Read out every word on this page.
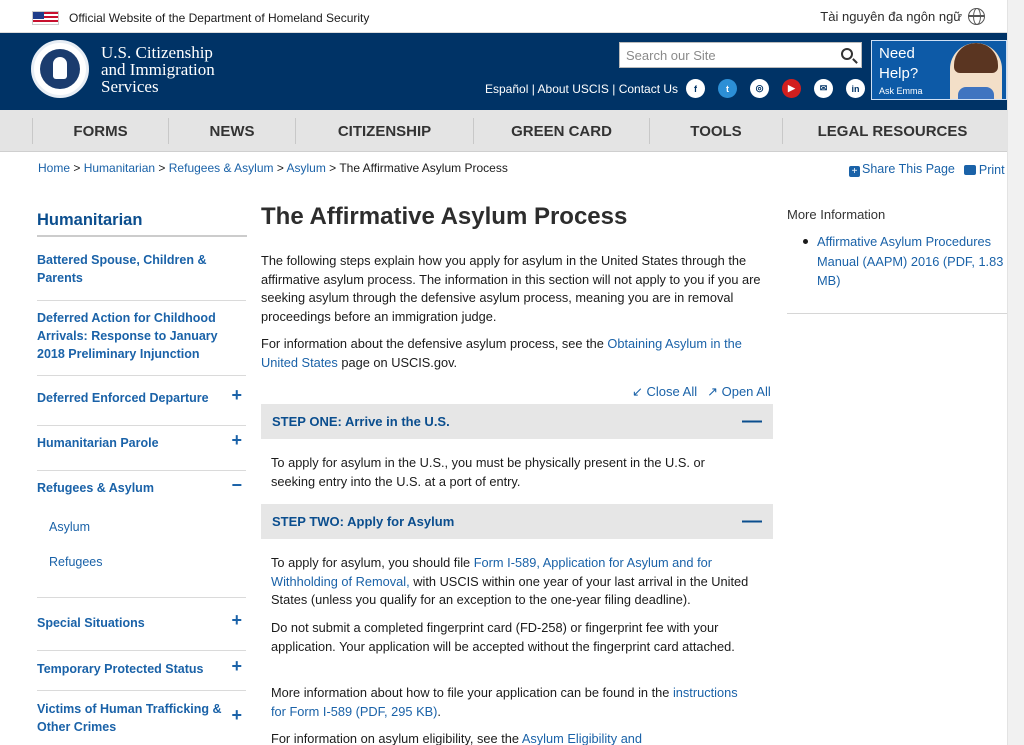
Official Website of the Department of Homeland Security	Tài nguyên đa ngôn ngữ
U.S. Citizenship
and Immigration
Services
Search our Site	Español | About USCIS | Contact Us	f	t	◎	▶	✉	in
Need
Help?
Ask Emma
FORMS	NEWS	CITIZENSHIP	GREEN CARD	TOOLS	LEGAL RESOURCES
Home > Humanitarian > Refugees & Asylum > Asylum > The Affirmative Asylum Process	+ Share This Page	Print
Humanitarian
Battered Spouse, Children & Parents
Deferred Action for Childhood Arrivals: Response to January 2018 Preliminary Injunction
Deferred Enforced Departure +
Humanitarian Parole	+
Refugees & Asylum	−
Asylum
Refugees
Special Situations	+
Temporary Protected Status +
Victims of Human Trafficking & Other Crimes
+
The Affirmative Asylum Process
The following steps explain how you apply for asylum in the United States through the affirmative asylum process. The information in this section will not apply to you if you are seeking asylum through the defensive asylum process, meaning you are in removal proceedings before an immigration judge.
For information about the defensive asylum process, see the Obtaining Asylum in the United States page on USCIS.gov.
↙ Close All ↗ Open All
STEP ONE: Arrive in the U.S.	—
To apply for asylum in the U.S., you must be physically present in the U.S. or seeking entry into the U.S. at a port of entry.
STEP TWO: Apply for Asylum	—
To apply for asylum, you should file Form I-589, Application for Asylum and for Withholding of Removal, with USCIS within one year of your last arrival in the United States (unless you qualify for an exception to the one-year filing deadline).
Do not submit a completed fingerprint card (FD-258) or fingerprint fee with your application. Your application will be accepted without the fingerprint card attached.
More information about how to file your application can be found in the instructions for Form I-589 (PDF, 295 KB).
For information on asylum eligibility, see the Asylum Eligibility and
More Information
Affirmative Asylum Procedures Manual (AAPM) 2016 (PDF, 1.83 MB)
